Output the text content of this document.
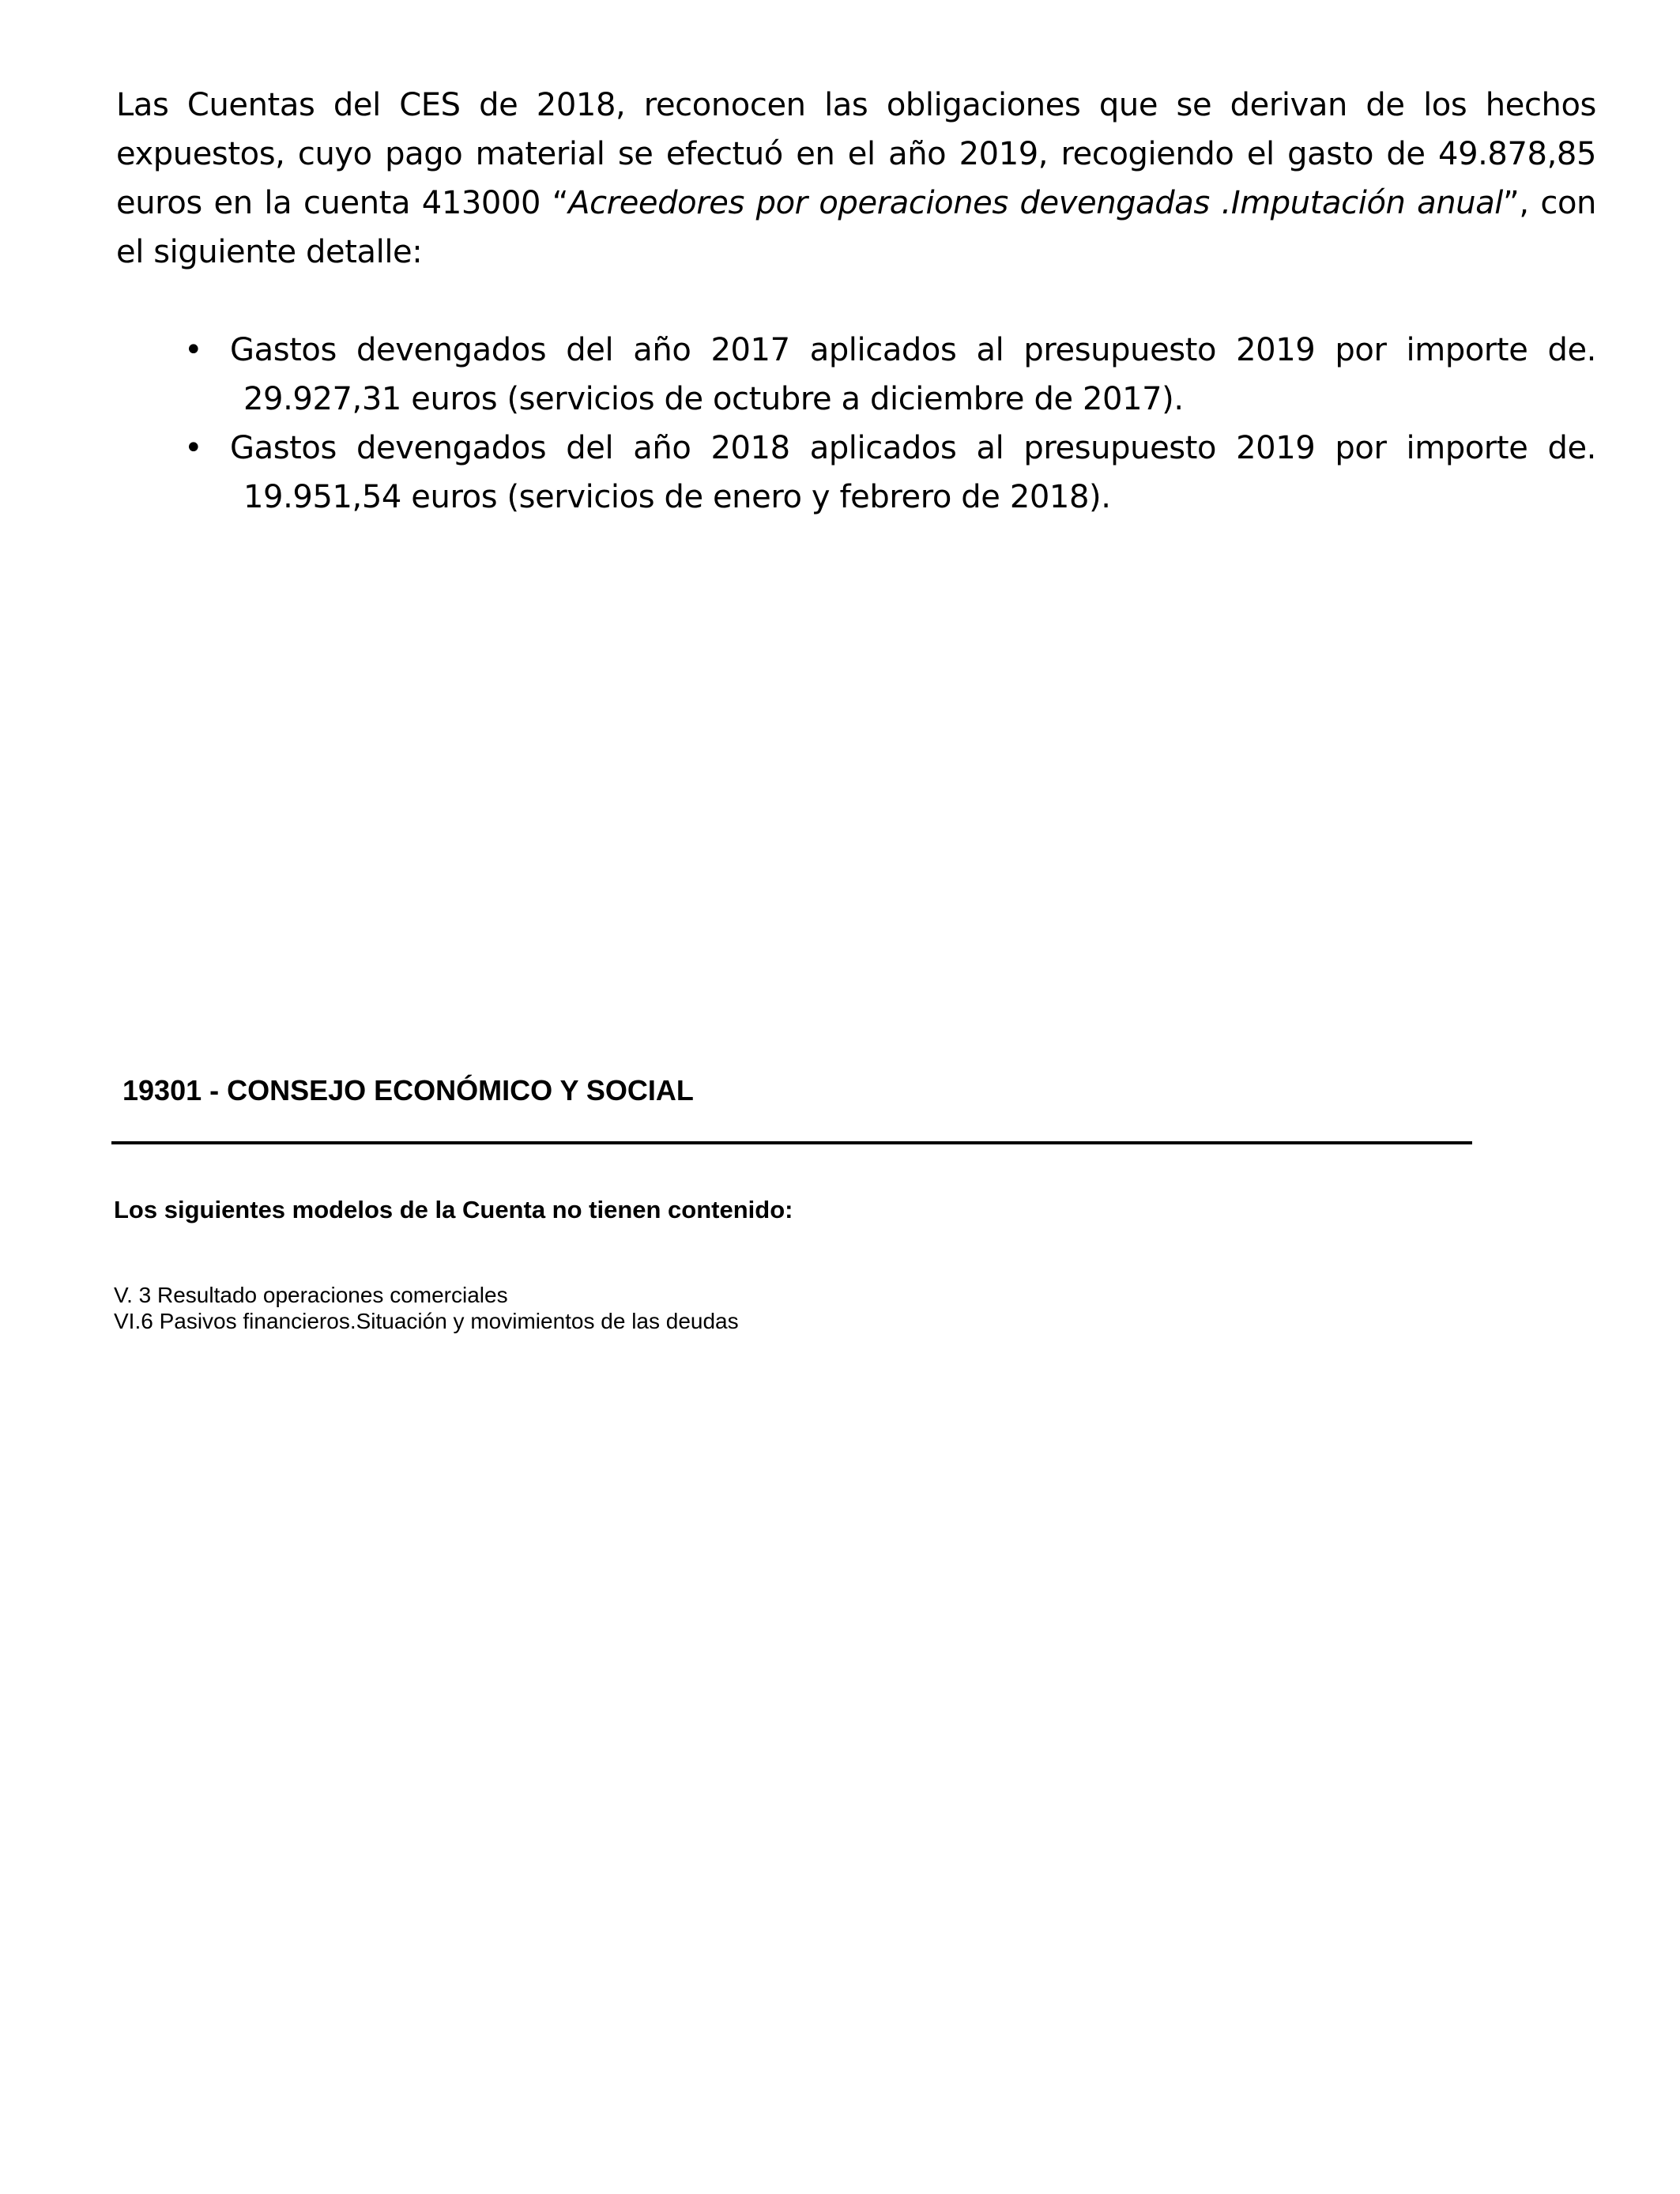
Las Cuentas del CES de 2018, reconocen las obligaciones que se derivan de los hechos expuestos, cuyo pago material se efectuó en el año 2019, recogiendo el gasto de 49.878,85 euros en la cuenta 413000 “Acreedores por operaciones devengadas .Imputación anual”, con el siguiente detalle:

• Gastos devengados del año 2017 aplicados al presupuesto 2019 por importe de.
29.927,31 euros (servicios de octubre a diciembre de 2017).
• Gastos devengados del año 2018 aplicados al presupuesto 2019 por importe de.
19.951,54 euros (servicios de enero y febrero de 2018).
19301 - CONSEJO ECONÓMICO Y SOCIAL

Los siguientes modelos de la Cuenta no tienen contenido:

V. 3 Resultado operaciones comerciales
VI.6 Pasivos financieros.Situación y movimientos de las deudas
